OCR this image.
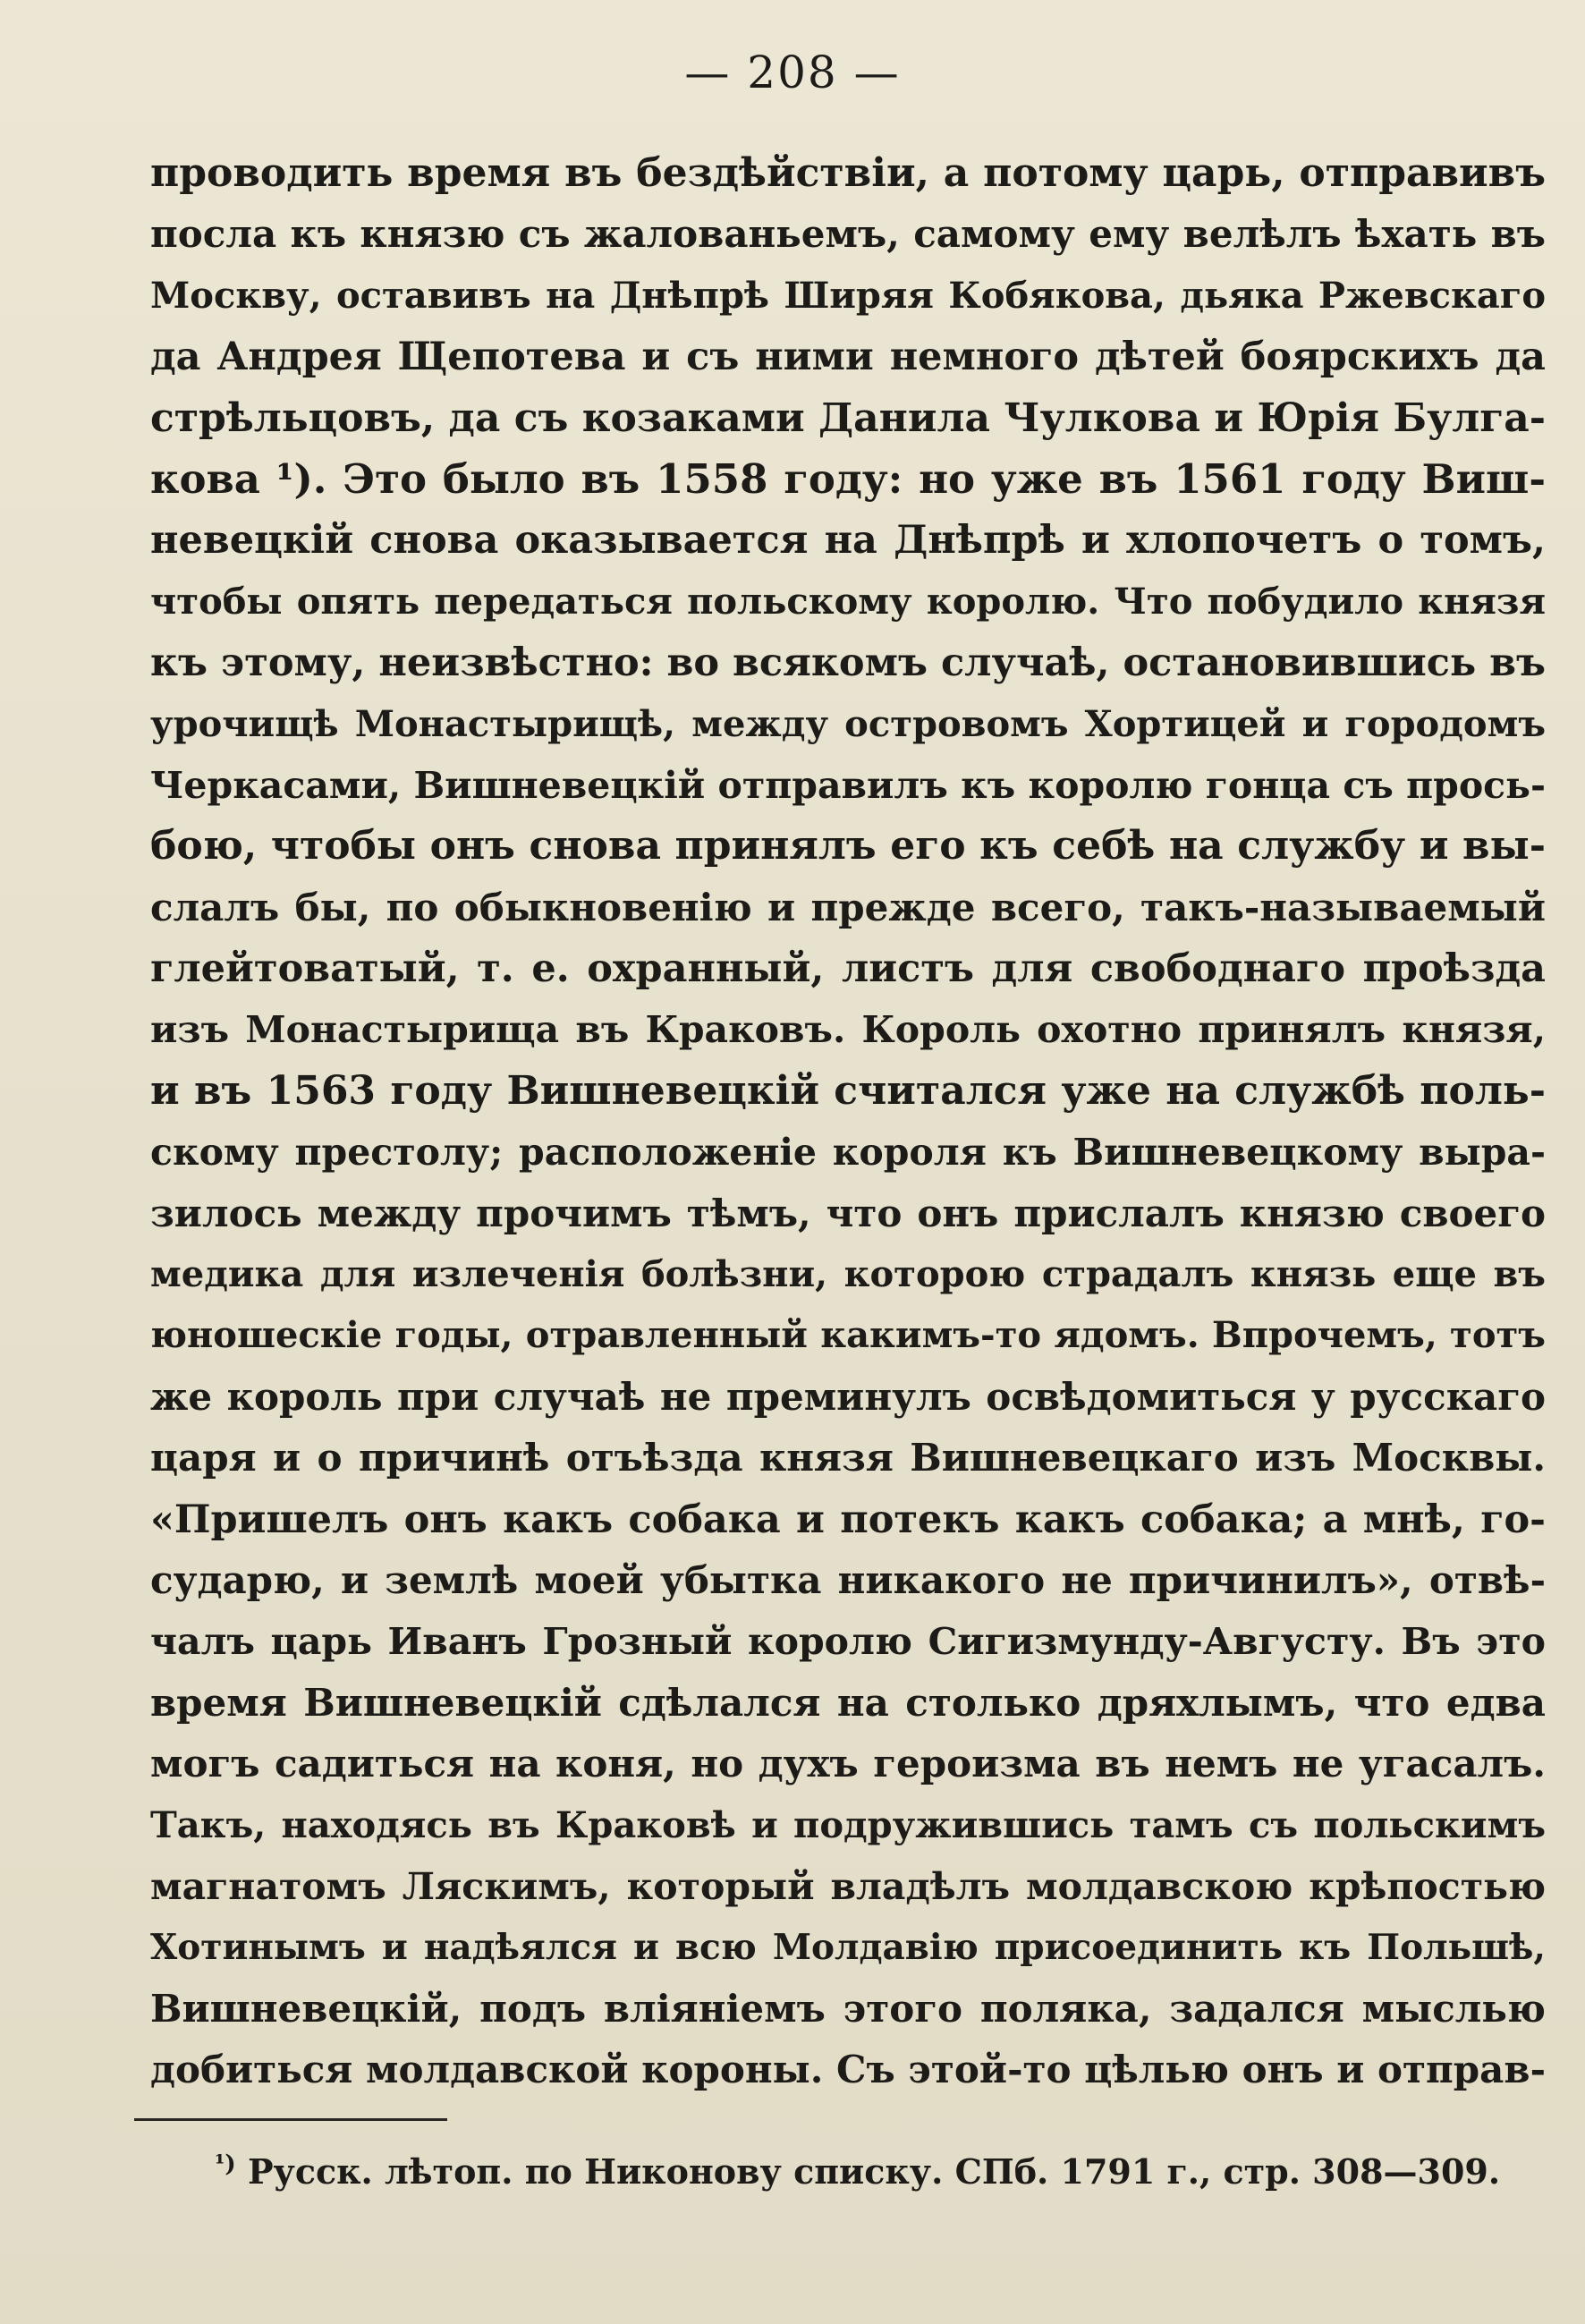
— 208 —
проводить время въ бездѣйствіи, а потому царь, отправивъ
посла къ князю съ жалованьемъ, самому ему велѣлъ ѣхать въ
Москву, оставивъ на Днѣпрѣ Ширяя Кобякова, дьяка Ржевскаго
да Андрея Щепотева и съ ними немного дѣтей боярскихъ да
стрѣльцовъ, да съ козаками Данила Чулкова и Юрія Булга-
кова ¹). Это было въ 1558 году: но уже въ 1561 году Виш-
невецкій снова оказывается на Днѣпрѣ и хлопочетъ о томъ,
чтобы опять передаться польскому королю. Что побудило князя
къ этому, неизвѣстно: во всякомъ случаѣ, остановившись въ
урочищѣ Монастырищѣ, между островомъ Хортицей и городомъ
Черкасами, Вишневецкій отправилъ къ королю гонца съ прось-
бою, чтобы онъ снова принялъ его къ себѣ на службу и вы-
слалъ бы, по обыкновенію и прежде всего, такъ-называемый
глейтоватый, т. е. охранный, листъ для свободнаго проѣзда
изъ Монастырища въ Краковъ. Король охотно принялъ князя,
и въ 1563 году Вишневецкій считался уже на службѣ поль-
скому престолу; расположеніе короля къ Вишневецкому выра-
зилось между прочимъ тѣмъ, что онъ прислалъ князю своего
медика для излеченія болѣзни, которою страдалъ князь еще въ
юношескіе годы, отравленный какимъ-то ядомъ. Впрочемъ, тотъ
же король при случаѣ не преминулъ освѣдомиться у русскаго
царя и о причинѣ отъѣзда князя Вишневецкаго изъ Москвы.
«Пришелъ онъ какъ собака и потекъ какъ собака; а мнѣ, го-
сударю, и землѣ моей убытка никакого не причинилъ», отвѣ-
чалъ царь Иванъ Грозный королю Сигизмунду-Августу. Въ это
время Вишневецкій сдѣлался на столько дряхлымъ, что едва
могъ садиться на коня, но духъ героизма въ немъ не угасалъ.
Такъ, находясь въ Краковѣ и подружившись тамъ съ польскимъ
магнатомъ Ляскимъ, который владѣлъ молдавскою крѣпостью
Хотинымъ и надѣялся и всю Молдавію присоединить къ Польшѣ,
Вишневецкій, подъ вліяніемъ этого поляка, задался мыслью
добиться молдавской короны. Съ этой-то цѣлью онъ и отправ-
$^{^1)}$ Русск. лѣтоп. по Никонову списку. СПб. 1791 г., стр. 308—309.
